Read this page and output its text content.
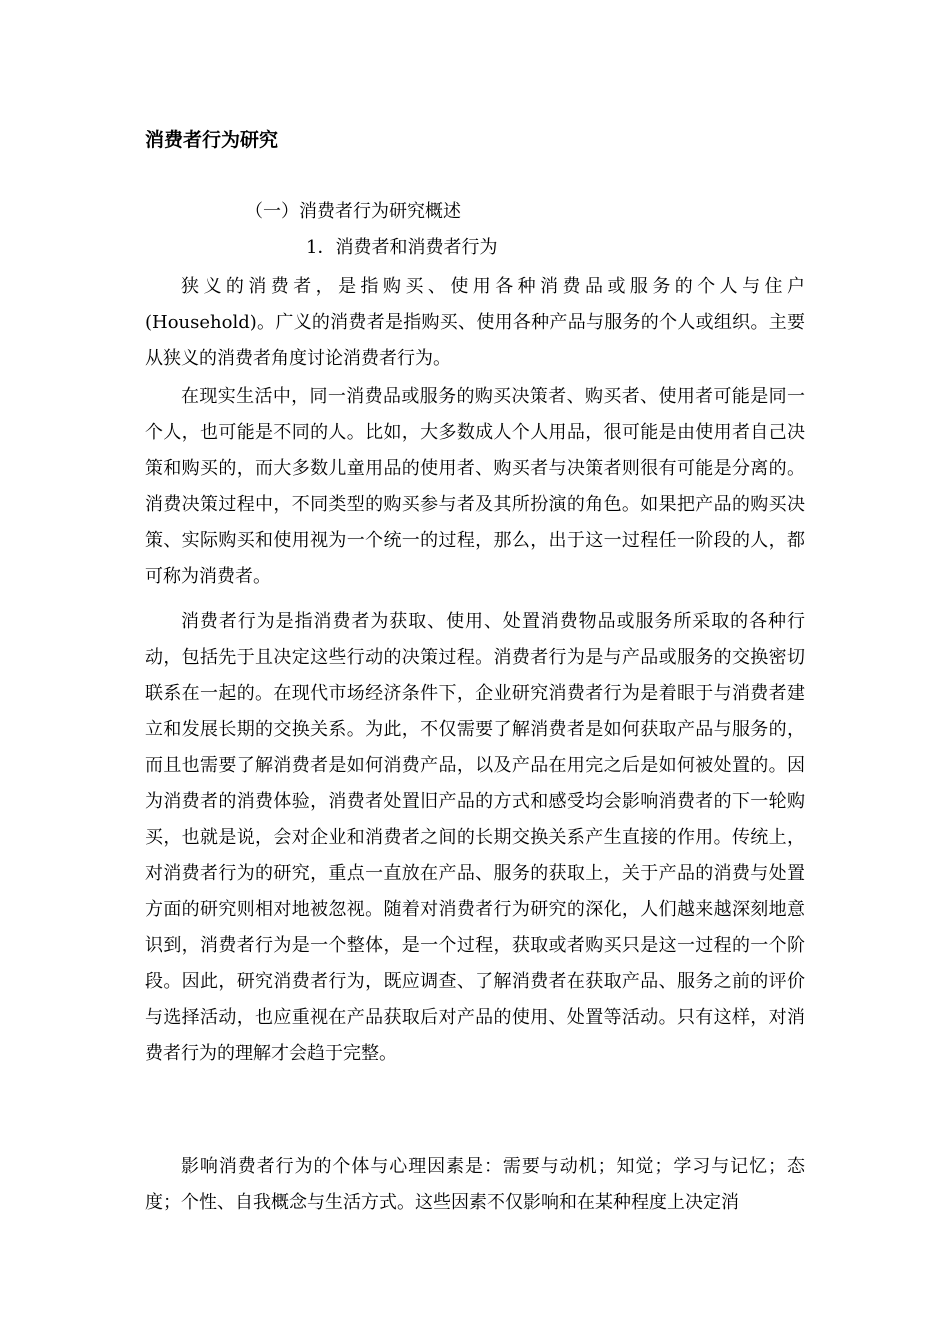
消费者行为研究

（一）消费者行为研究概述

1．消费者和消费者行为

狭义的消费者，是指购买、使用各种消费品或服务的个人与住户(Household)。广义的消费者是指购买、使用各种产品与服务的个人或组织。主要从狭义的消费者角度讨论消费者行为。

在现实生活中，同一消费品或服务的购买决策者、购买者、使用者可能是同一个人，也可能是不同的人。比如，大多数成人个人用品，很可能是由使用者自己决策和购买的，而大多数儿童用品的使用者、购买者与决策者则很有可能是分离的。消费决策过程中，不同类型的购买参与者及其所扮演的角色。如果把产品的购买决策、实际购买和使用视为一个统一的过程，那么，出于这一过程任一阶段的人，都可称为消费者。

消费者行为是指消费者为获取、使用、处置消费物品或服务所采取的各种行动，包括先于且决定这些行动的决策过程。消费者行为是与产品或服务的交换密切联系在一起的。在现代市场经济条件下，企业研究消费者行为是着眼于与消费者建立和发展长期的交换关系。为此，不仅需要了解消费者是如何获取产品与服务的，而且也需要了解消费者是如何消费产品，以及产品在用完之后是如何被处置的。因为消费者的消费体验，消费者处置旧产品的方式和感受均会影响消费者的下一轮购买，也就是说，会对企业和消费者之间的长期交换关系产生直接的作用。传统上，对消费者行为的研究，重点一直放在产品、服务的获取上，关于产品的消费与处置方面的研究则相对地被忽视。随着对消费者行为研究的深化，人们越来越深刻地意识到，消费者行为是一个整体，是一个过程，获取或者购买只是这一过程的一个阶段。因此，研究消费者行为，既应调查、了解消费者在获取产品、服务之前的评价与选择活动，也应重视在产品获取后对产品的使用、处置等活动。只有这样，对消费者行为的理解才会趋于完整。

影响消费者行为的个体与心理因素是：需要与动机；知觉；学习与记忆；态度；个性、自我概念与生活方式。这些因素不仅影响和在某种程度上决定消
